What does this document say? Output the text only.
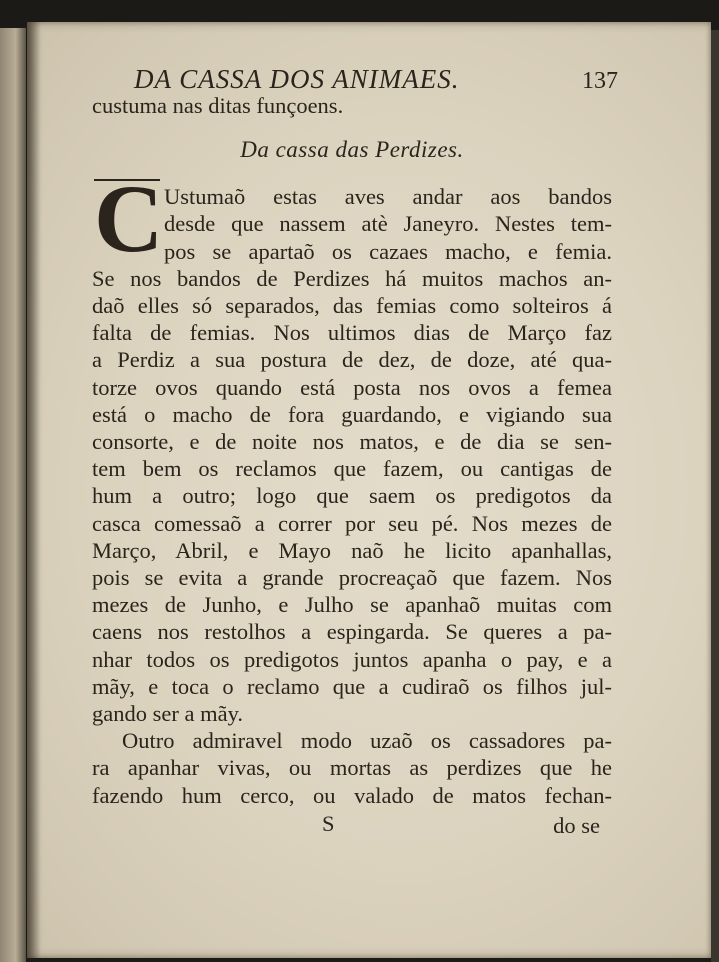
DA CASSA DOS ANIMAES.	137
custuma nas ditas funçoens.
Da cassa das Perdizes.
C Ustumaõ estas aves andar aos bandos
desde que nassem atè Janeyro. Nestes tem-
pos se apartaõ os cazaes macho, e femia.
Se nos bandos de Perdizes há muitos machos an-
daõ elles só separados, das femias como solteiros á
falta de femias. Nos ultimos dias de Março faz
a Perdiz a sua postura de dez, de doze, até qua-
torze ovos quando está posta nos ovos a femea
está o macho de fora guardando, e vigiando sua
consorte, e de noite nos matos, e de dia se sen-
tem bem os reclamos que fazem, ou cantigas de
hum a outro; logo que saem os predigotos da
casca comessaõ a correr por seu pé. Nos mezes de
Março, Abril, e Mayo naõ he licito apanhallas,
pois se evita a grande procreaçaõ que fazem. Nos
mezes de Junho, e Julho se apanhaõ muitas com
caens nos restolhos a espingarda. Se queres a pa-
nhar todos os predigotos juntos apanha o pay, e a
mãy, e toca o reclamo que a cudiraõ os filhos jul-
gando ser a mãy.
Outro admiravel modo uzaõ os cassadores pa-
ra apanhar vivas, ou mortas as perdizes que he
fazendo hum cerco, ou valado de matos fechan-
S	do se
